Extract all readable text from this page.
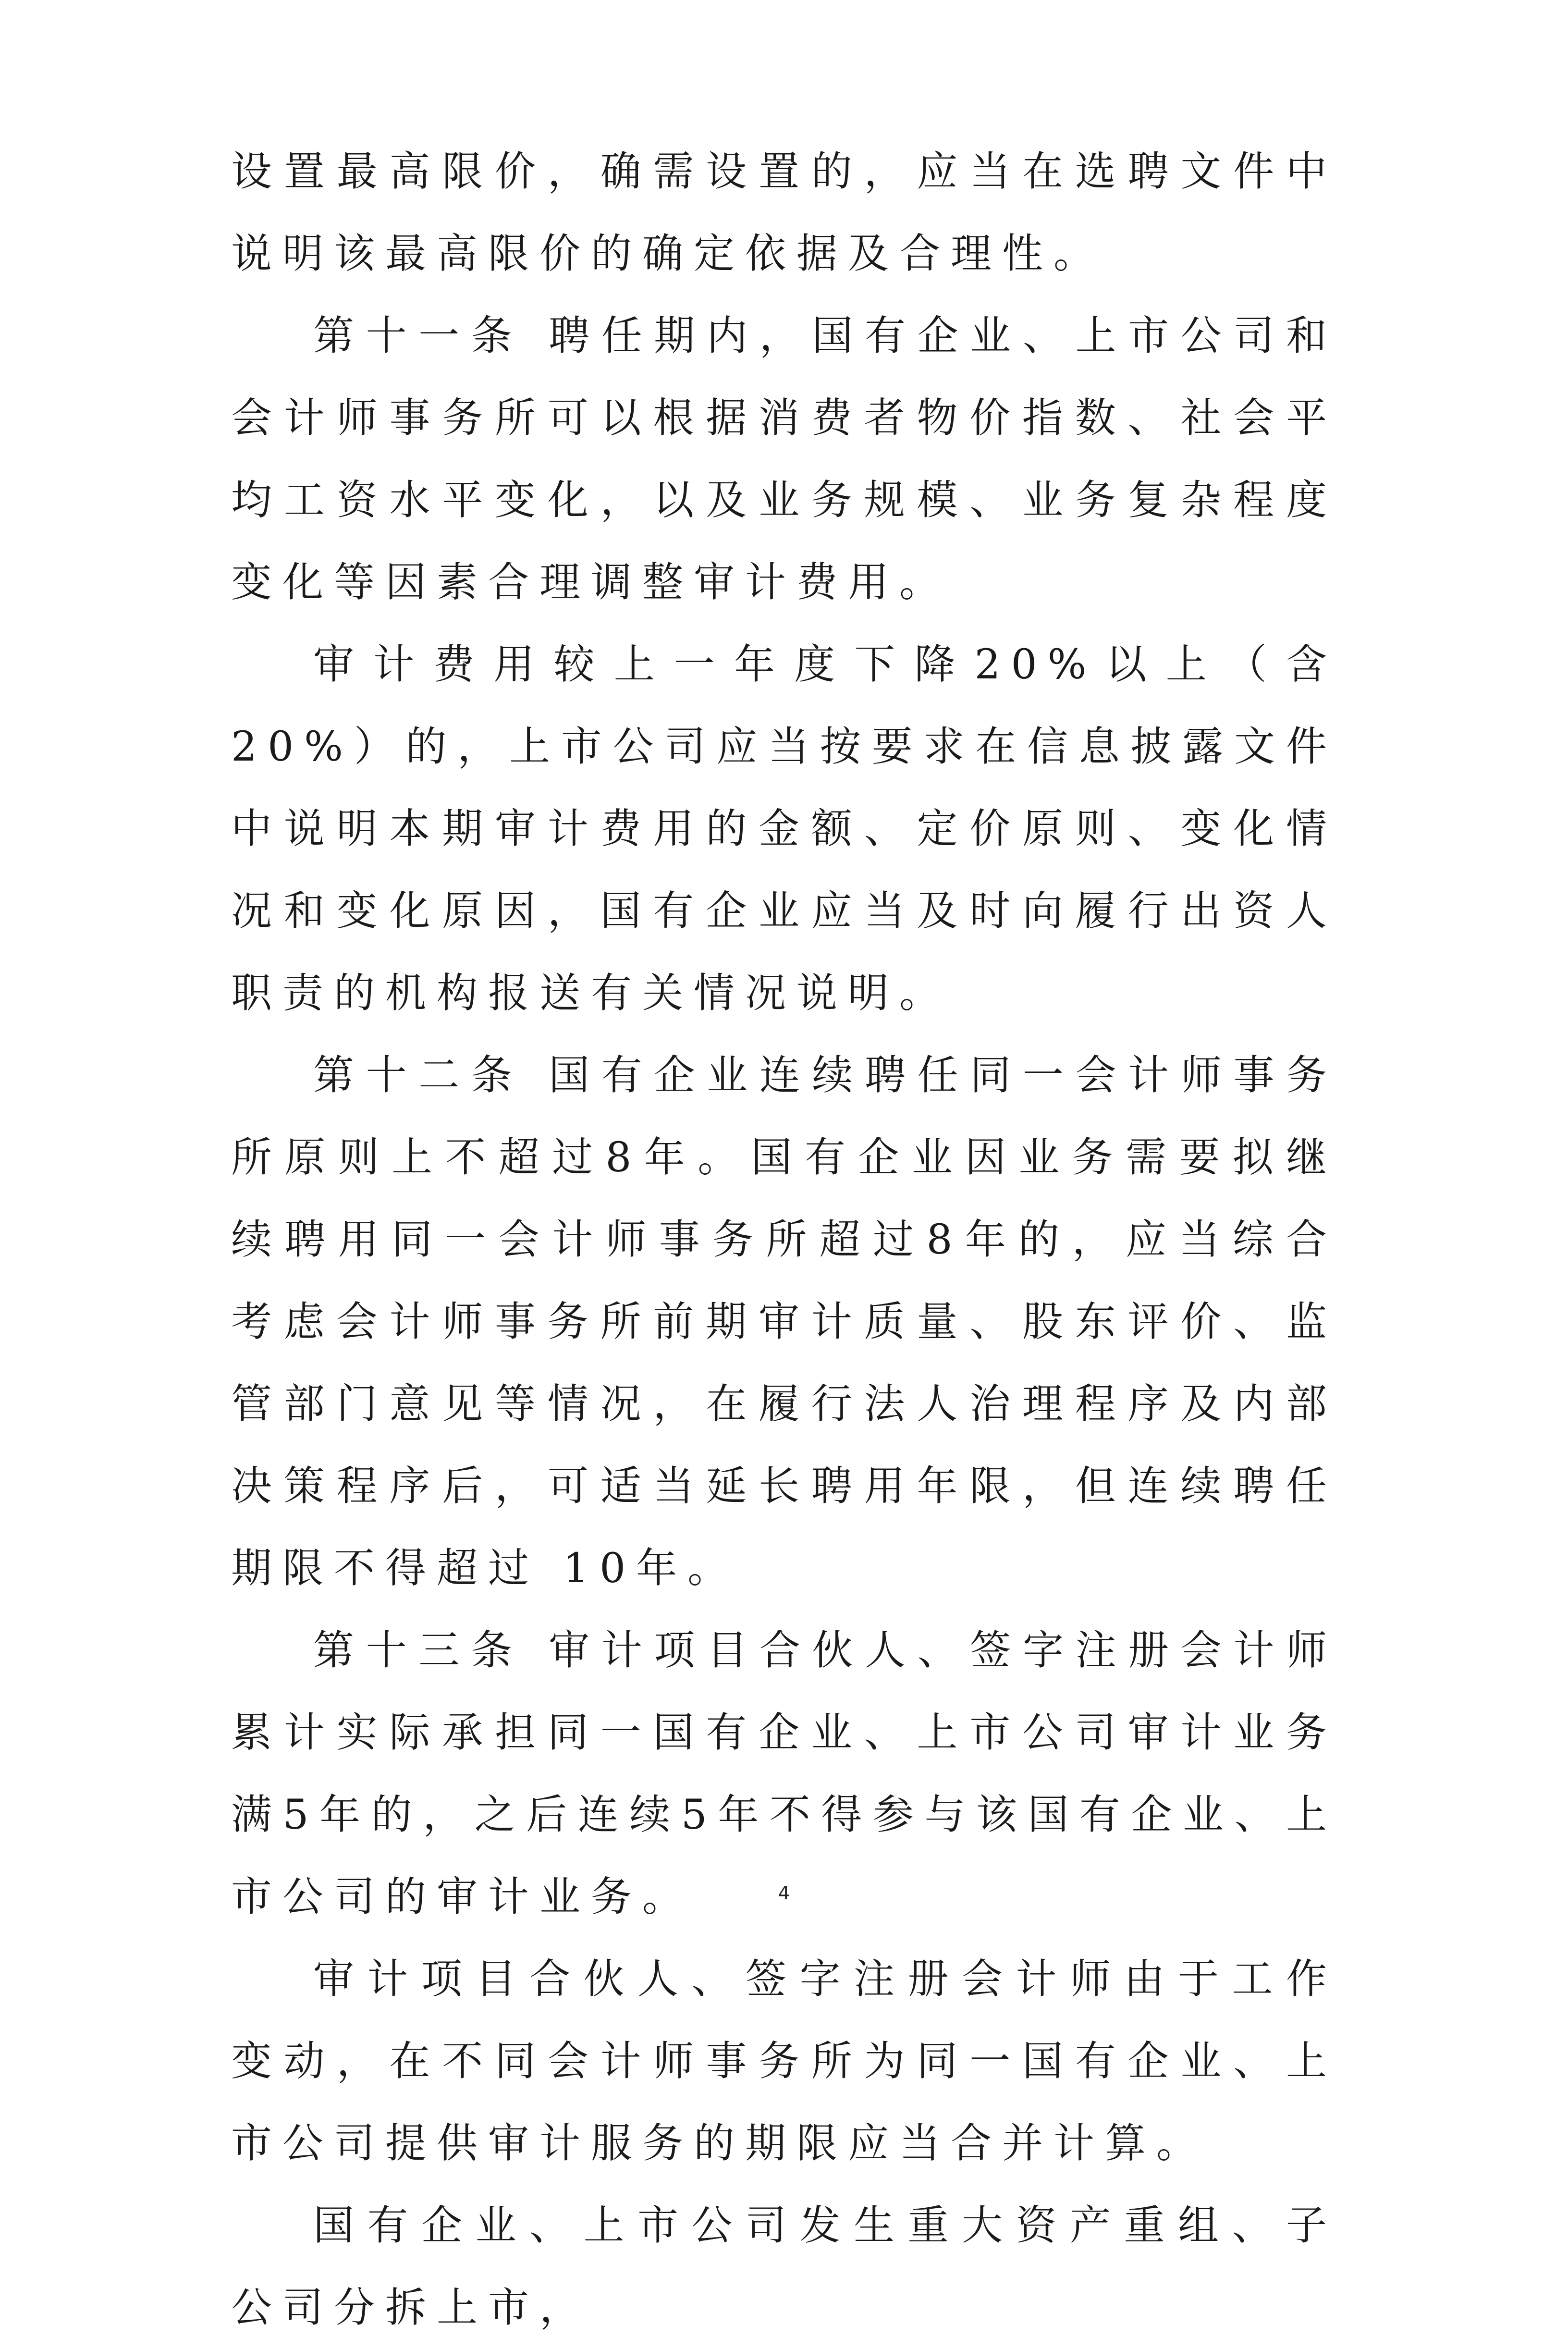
设置最高限价，确需设置的，应当在选聘文件中说明该最高限价的确定依据及合理性。

第十一条 聘任期内，国有企业、上市公司和会计师事务所可以根据消费者物价指数、社会平均工资水平变化，以及业务规模、业务复杂程度变化等因素合理调整审计费用。

审计费用较上一年度下降20%以上（含20%）的，上市公司应当按要求在信息披露文件中说明本期审计费用的金额、定价原则、变化情况和变化原因，国有企业应当及时向履行出资人职责的机构报送有关情况说明。

第十二条 国有企业连续聘任同一会计师事务所原则上不超过8年。国有企业因业务需要拟继续聘用同一会计师事务所超过8年的，应当综合考虑会计师事务所前期审计质量、股东评价、监管部门意见等情况，在履行法人治理程序及内部决策程序后，可适当延长聘用年限，但连续聘任期限不得超过 10年。

第十三条 审计项目合伙人、签字注册会计师累计实际承担同一国有企业、上市公司审计业务满5年的，之后连续5年不得参与该国有企业、上市公司的审计业务。

审计项目合伙人、签字注册会计师由于工作变动，在不同会计师事务所为同一国有企业、上市公司提供审计服务的期限应当合并计算。

国有企业、上市公司发生重大资产重组、子公司分拆上市，

4
